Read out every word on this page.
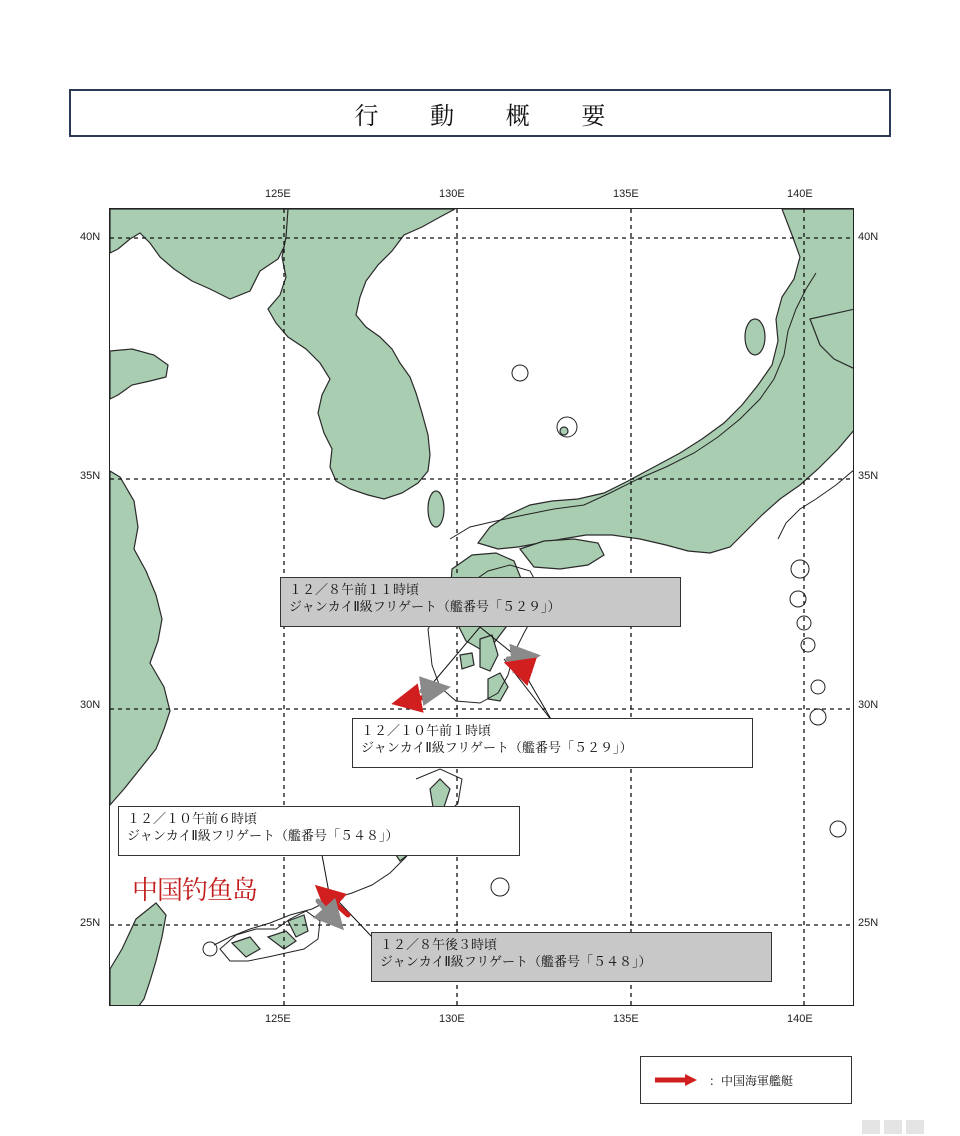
行 動 概 要
125E	130E	135E	140E
125E	130E	135E	140E
40N
35N
30N
25N
40N
35N
30N
25N
１２／８午前１１時頃
ジャンカイⅡ級フリゲート（艦番号「５２９」）
１２／１０午前１時頃
ジャンカイⅡ級フリゲート（艦番号「５２９」）
１２／１０午前６時頃
ジャンカイⅡ級フリゲート（艦番号「５４８」）
１２／８午後３時頃
ジャンカイⅡ級フリゲート（艦番号「５４８」）
中国钓鱼岛
：中国海軍艦艇
